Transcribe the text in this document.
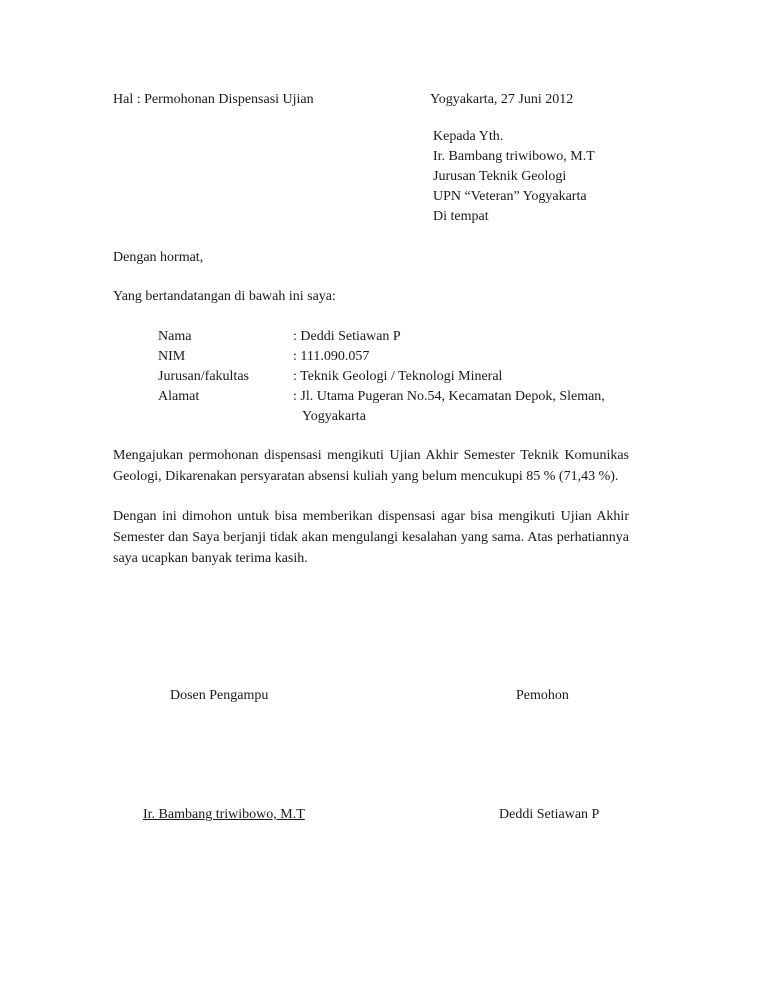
Hal : Permohonan Dispensasi Ujian	Yogyakarta, 27 Juni 2012
Kepada Yth.
Ir. Bambang triwibowo, M.T
Jurusan Teknik Geologi
UPN “Veteran” Yogyakarta
Di tempat
Dengan hormat,
Yang bertandatangan di bawah ini saya:
Nama	: Deddi Setiawan P
NIM	: 111.090.057
Jurusan/fakultas	: Teknik Geologi / Teknologi Mineral
Alamat	: Jl. Utama Pugeran No.54, Kecamatan Depok, Sleman,
Yogyakarta
Mengajukan permohonan dispensasi mengikuti Ujian Akhir Semester Teknik Komunikas Geologi, Dikarenakan persyaratan absensi kuliah yang belum mencukupi 85 % (71,43 %).
Dengan ini dimohon untuk bisa memberikan dispensasi agar bisa mengikuti Ujian Akhir Semester dan Saya berjanji tidak akan mengulangi kesalahan yang sama. Atas perhatiannya saya ucapkan banyak terima kasih.
Dosen Pengampu	Pemohon
Ir. Bambang triwibowo, M.T	Deddi Setiawan P
